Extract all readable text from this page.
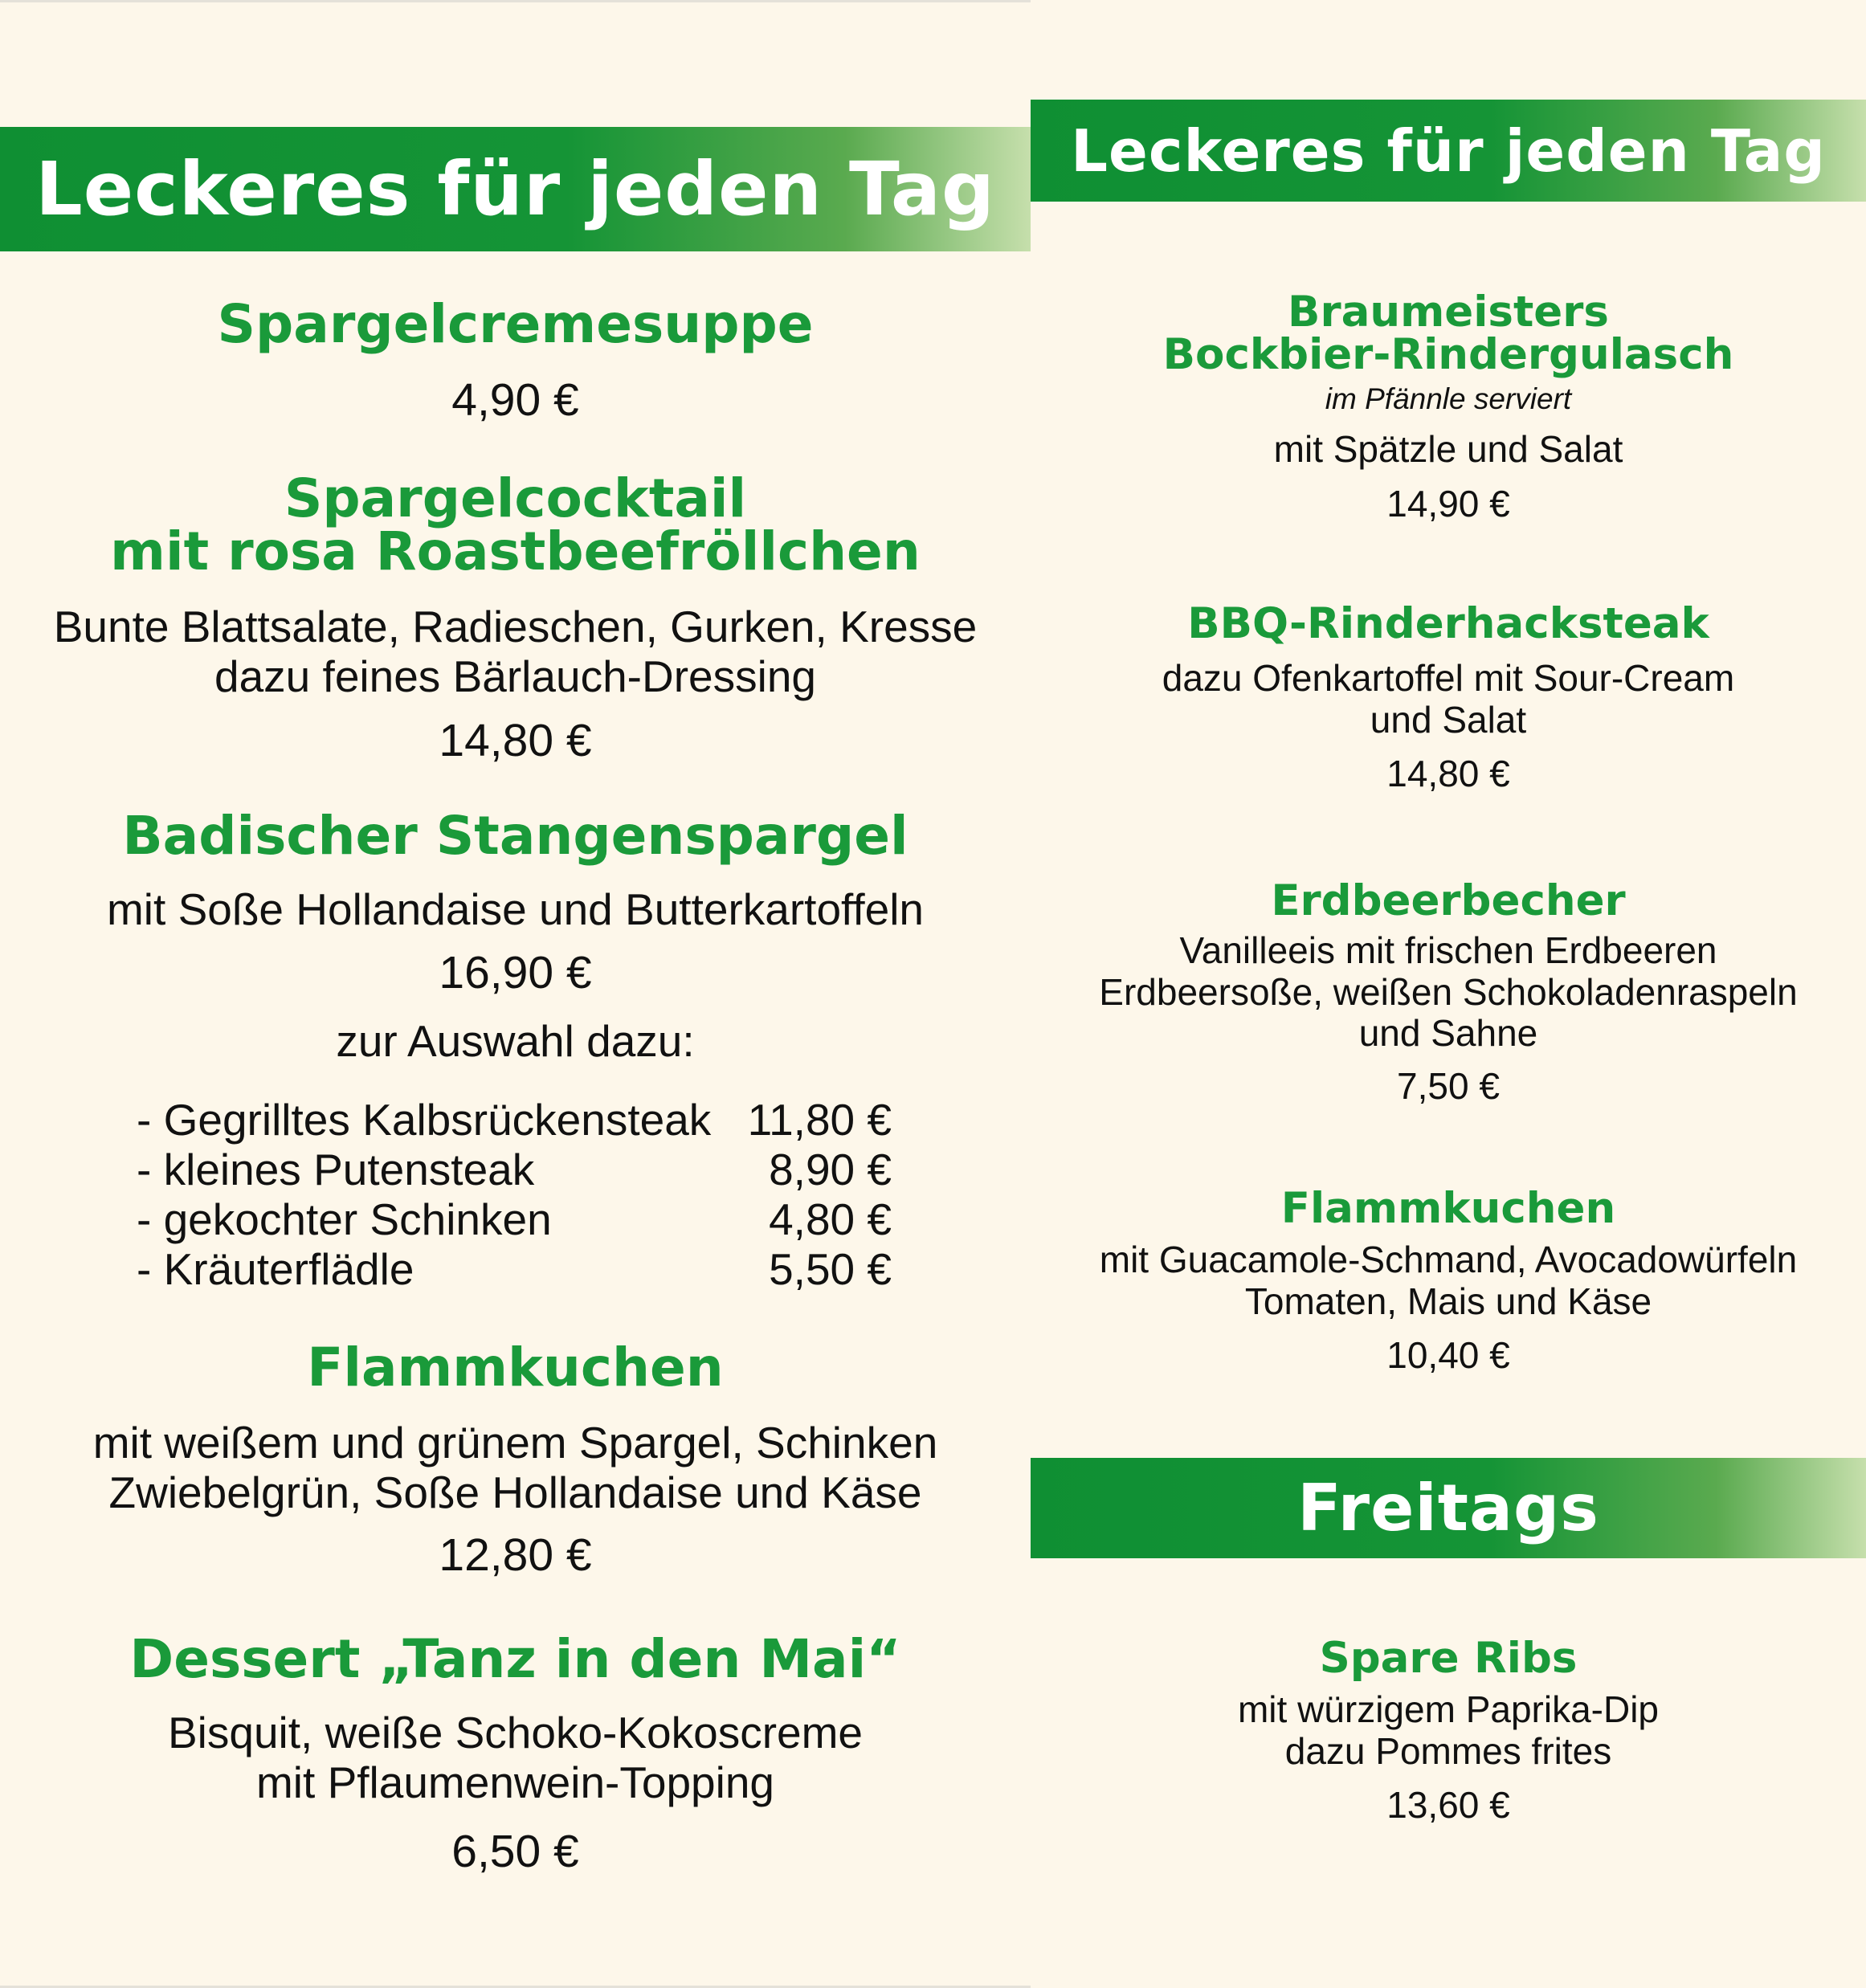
Leckeres für jeden Tag
Spargelcremesuppe
4,90 €
Spargelcocktail
mit rosa Roastbeefröllchen
Bunte Blattsalate, Radieschen, Gurken, Kresse
dazu feines Bärlauch-Dressing
14,80 €
Badischer Stangenspargel
mit Soße Hollandaise und Butterkartoffeln
16,90 €
zur Auswahl dazu:
- Gegrilltes Kalbsrückensteak 11,80 €
- kleines Putensteak	8,90 €
- gekochter Schinken	4,80 €
- Kräuterflädle	5,50 €
Flammkuchen
mit weißem und grünem Spargel, Schinken
Zwiebelgrün, Soße Hollandaise und Käse
12,80 €
Dessert „Tanz in den Mai“
Bisquit, weiße Schoko-Kokoscreme
mit Pflaumenwein-Topping
6,50 €
Leckeres für jeden Tag
Braumeisters
Bockbier-Rindergulasch
im Pfännle serviert
mit Spätzle und Salat
14,90 €
BBQ-Rinderhacksteak
dazu Ofenkartoffel mit Sour-Cream
und Salat
14,80 €
Erdbeerbecher
Vanilleeis mit frischen Erdbeeren
Erdbeersoße, weißen Schokoladenraspeln
und Sahne
7,50 €
Flammkuchen
mit Guacamole-Schmand, Avocadowürfeln
Tomaten, Mais und Käse
10,40 €
Freitags
Spare Ribs
mit würzigem Paprika-Dip
dazu Pommes frites
13,60 €
